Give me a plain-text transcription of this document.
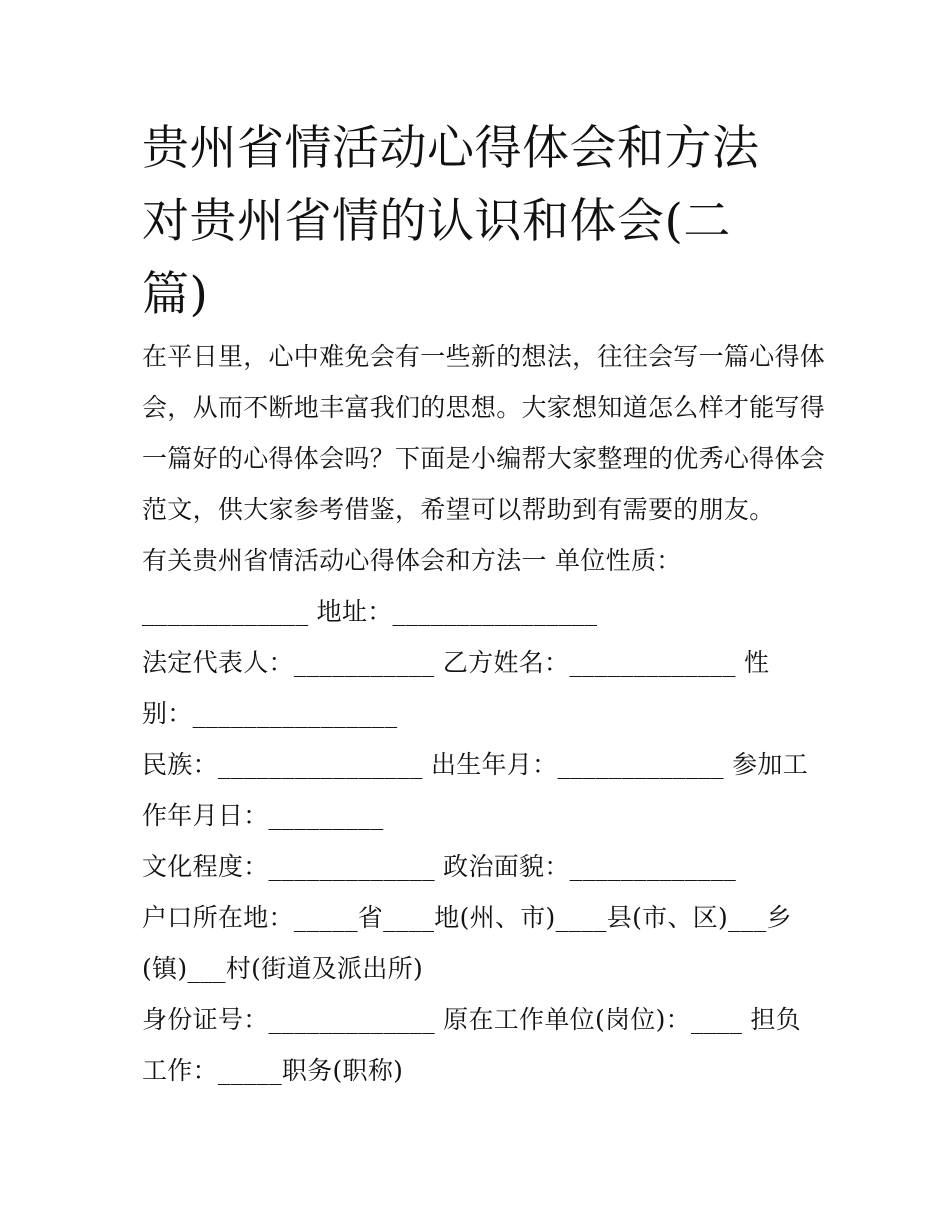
贵州省情活动心得体会和方法
对贵州省情的认识和体会(二
篇)
在平日里，心中难免会有一些新的想法，往往会写一篇心得体
会，从而不断地丰富我们的思想。大家想知道怎么样才能写得
一篇好的心得体会吗？下面是小编帮大家整理的优秀心得体会
范文，供大家参考借鉴，希望可以帮助到有需要的朋友。
有关贵州省情活动心得体会和方法一 单位性质：
_____________ 地址：________________
法定代表人：___________ 乙方姓名：_____________ 性
别：________________
民族：________________ 出生年月：_____________ 参加工
作年月日：_________
文化程度：_____________ 政治面貌：_____________
户口所在地：_____省____地(州、市)____县(市、区)___乡
(镇)___村(街道及派出所)
身份证号：_____________ 原在工作单位(岗位)：____ 担负
工作：_____职务(职称)
